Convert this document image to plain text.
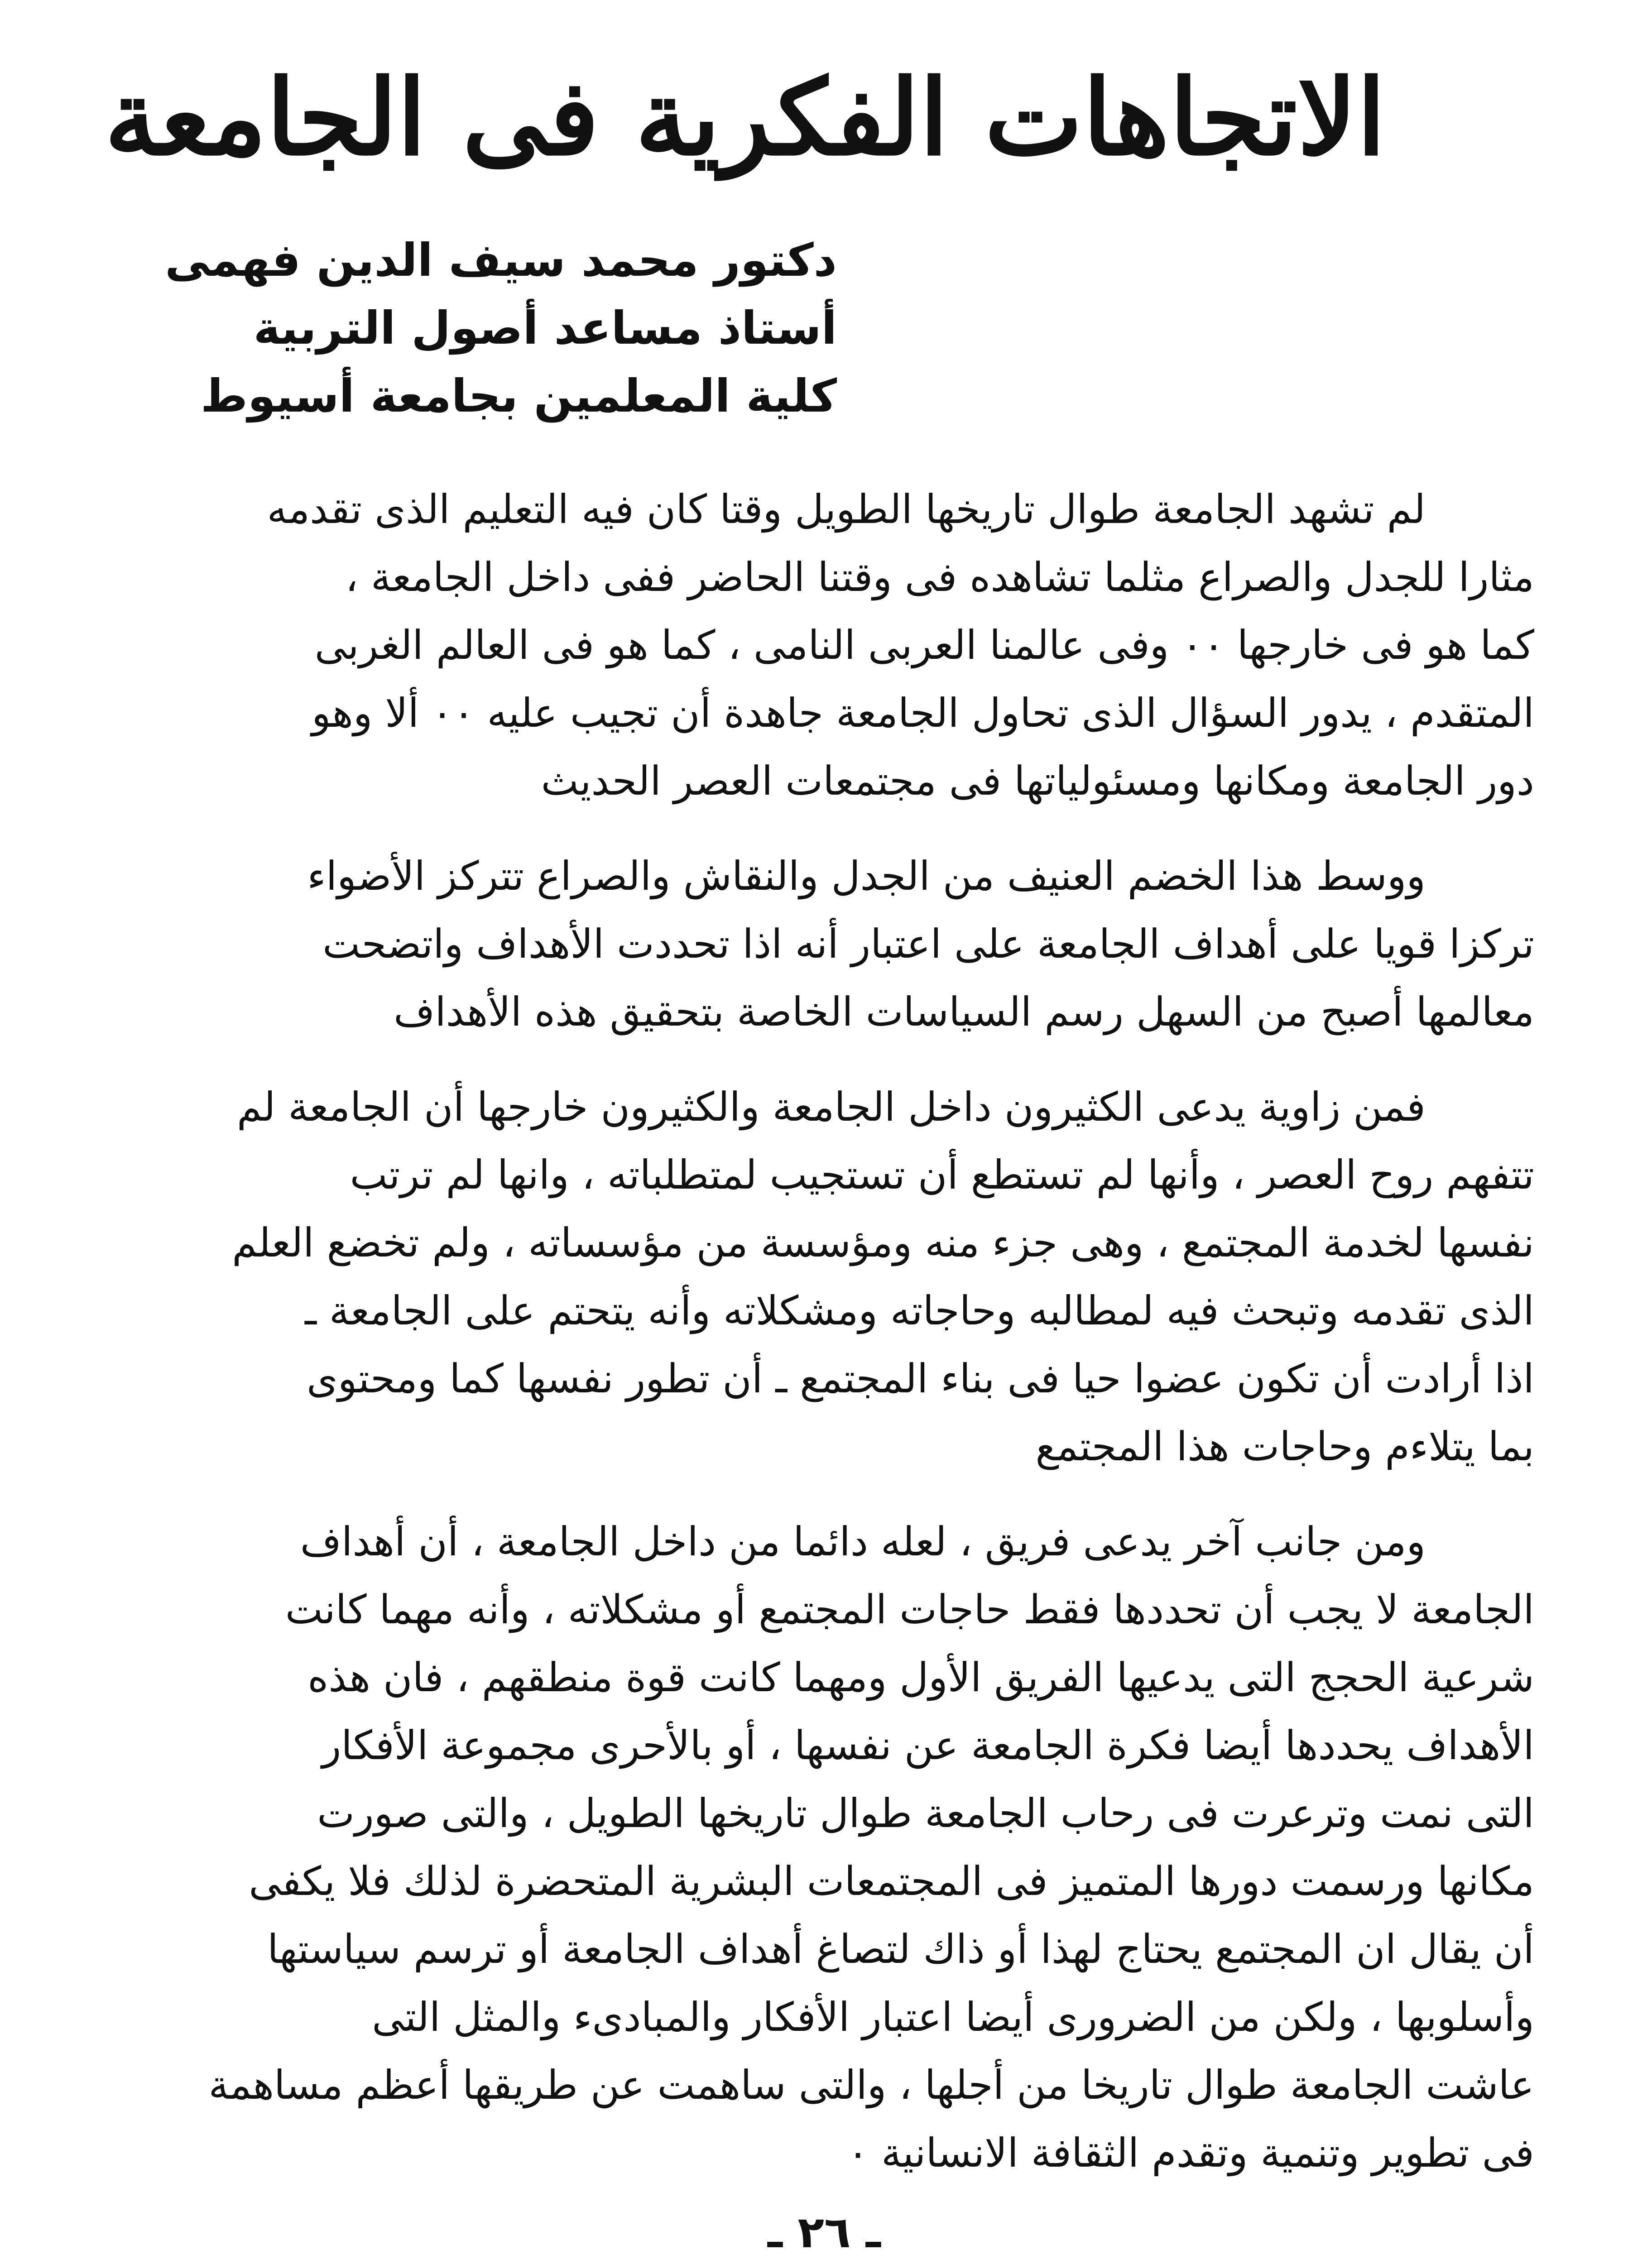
الاتجاهات الفكرية فى الجامعة
دكتور محمد سيف الدين فهمى
أستاذ مساعد أصول التربية
كلية المعلمين بجامعة أسيوط
لم تشهد الجامعة طوال تاريخها الطويل وقتا كان فيه التعليم الذى تقدمه
مثارا للجدل والصراع مثلما تشاهده فى وقتنا الحاضر ففى داخل الجامعة ،
كما هو فى خارجها ٠٠ وفى عالمنا العربى النامى ، كما هو فى العالم الغربى
المتقدم ، يدور السؤال الذى تحاول الجامعة جاهدة أن تجيب عليه ٠٠ ألا وهو
دور الجامعة ومكانها ومسئولياتها فى مجتمعات العصر الحديث
ووسط هذا الخضم العنيف من الجدل والنقاش والصراع تتركز الأضواء
تركزا قويا على أهداف الجامعة على اعتبار أنه اذا تحددت الأهداف واتضحت
معالمها أصبح من السهل رسم السياسات الخاصة بتحقيق هذه الأهداف
فمن زاوية يدعى الكثيرون داخل الجامعة والكثيرون خارجها أن الجامعة لم
تتفهم روح العصر ، وأنها لم تستطع أن تستجيب لمتطلباته ، وانها لم ترتب
نفسها لخدمة المجتمع ، وهى جزء منه ومؤسسة من مؤسساته ، ولم تخضع العلم
الذى تقدمه وتبحث فيه لمطالبه وحاجاته ومشكلاته وأنه يتحتم على الجامعة ـ
اذا أرادت أن تكون عضوا حيا فى بناء المجتمع ـ أن تطور نفسها كما ومحتوى
بما يتلاءم وحاجات هذا المجتمع
ومن جانب آخر يدعى فريق ، لعله دائما من داخل الجامعة ، أن أهداف
الجامعة لا يجب أن تحددها فقط حاجات المجتمع أو مشكلاته ، وأنه مهما كانت
شرعية الحجج التى يدعيها الفريق الأول ومهما كانت قوة منطقهم ، فان هذه
الأهداف يحددها أيضا فكرة الجامعة عن نفسها ، أو بالأحرى مجموعة الأفكار
التى نمت وترعرت فى رحاب الجامعة طوال تاريخها الطويل ، والتى صورت
مكانها ورسمت دورها المتميز فى المجتمعات البشرية المتحضرة لذلك فلا يكفى
أن يقال ان المجتمع يحتاج لهذا أو ذاك لتصاغ أهداف الجامعة أو ترسم سياستها
وأسلوبها ، ولكن من الضرورى أيضا اعتبار الأفكار والمبادىء والمثل التى
عاشت الجامعة طوال تاريخا من أجلها ، والتى ساهمت عن طريقها أعظم مساهمة
فى تطوير وتنمية وتقدم الثقافة الانسانية ٠
ـ ٢٦ ـ
